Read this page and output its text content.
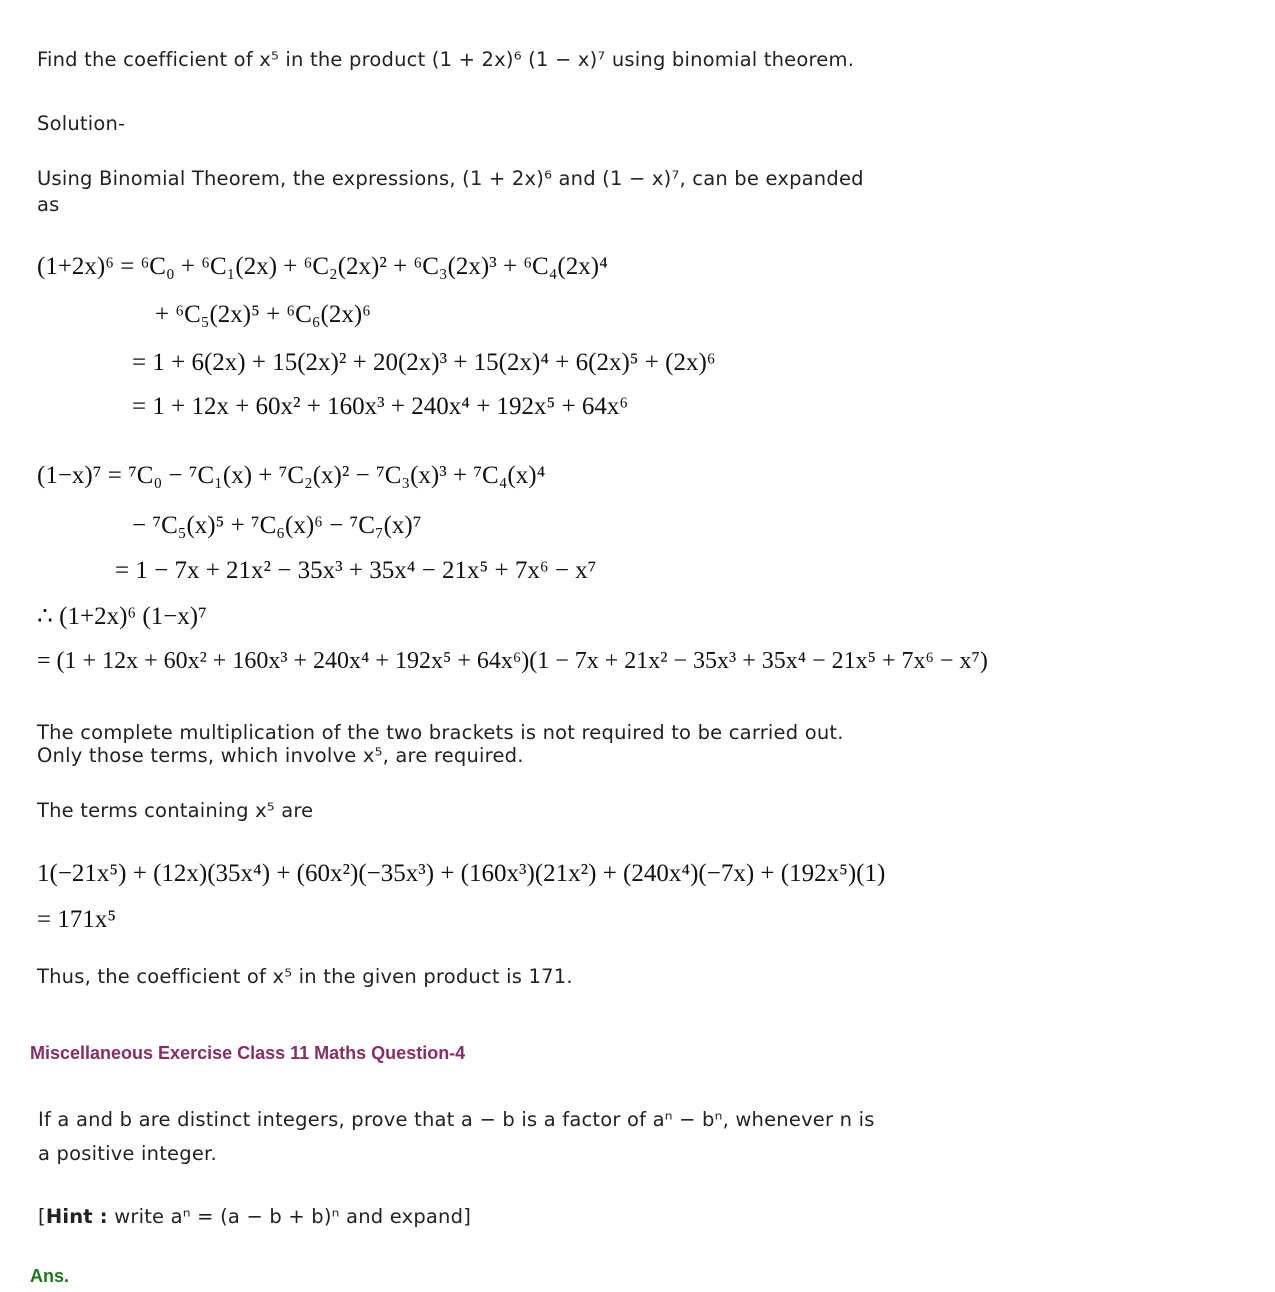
Find the coefficient of x⁵ in the product (1 + 2x)⁶ (1 − x)⁷ using binomial theorem.
Solution-
Using Binomial Theorem, the expressions, (1 + 2x)⁶ and (1 − x)⁷, can be expanded
as
(1+2x)⁶ = ⁶C₀ + ⁶C₁(2x) + ⁶C₂(2x)² + ⁶C₃(2x)³ + ⁶C₄(2x)⁴
+ ⁶C₅(2x)⁵ + ⁶C₆(2x)⁶
= 1 + 6(2x) + 15(2x)² + 20(2x)³ + 15(2x)⁴ + 6(2x)⁵ + (2x)⁶
= 1 + 12x + 60x² + 160x³ + 240x⁴ + 192x⁵ + 64x⁶
(1−x)⁷ = ⁷C₀ − ⁷C₁(x) + ⁷C₂(x)² − ⁷C₃(x)³ + ⁷C₄(x)⁴
− ⁷C₅(x)⁵ + ⁷C₆(x)⁶ − ⁷C₇(x)⁷
= 1 − 7x + 21x² − 35x³ + 35x⁴ − 21x⁵ + 7x⁶ − x⁷
∴ (1+2x)⁶ (1−x)⁷
= (1 + 12x + 60x² + 160x³ + 240x⁴ + 192x⁵ + 64x⁶)(1 − 7x + 21x² − 35x³ + 35x⁴ − 21x⁵ + 7x⁶ − x⁷)
The complete multiplication of the two brackets is not required to be carried out.
Only those terms, which involve x⁵, are required.
The terms containing x⁵ are
1(−21x⁵) + (12x)(35x⁴) + (60x²)(−35x³) + (160x³)(21x²) + (240x⁴)(−7x) + (192x⁵)(1)
= 171x⁵
Thus, the coefficient of x⁵ in the given product is 171.
Miscellaneous Exercise Class 11 Maths Question-4
If a and b are distinct integers, prove that a − b is a factor of aⁿ − bⁿ, whenever n is
a positive integer.
[Hint : write aⁿ = (a − b + b)ⁿ and expand]
Ans.
